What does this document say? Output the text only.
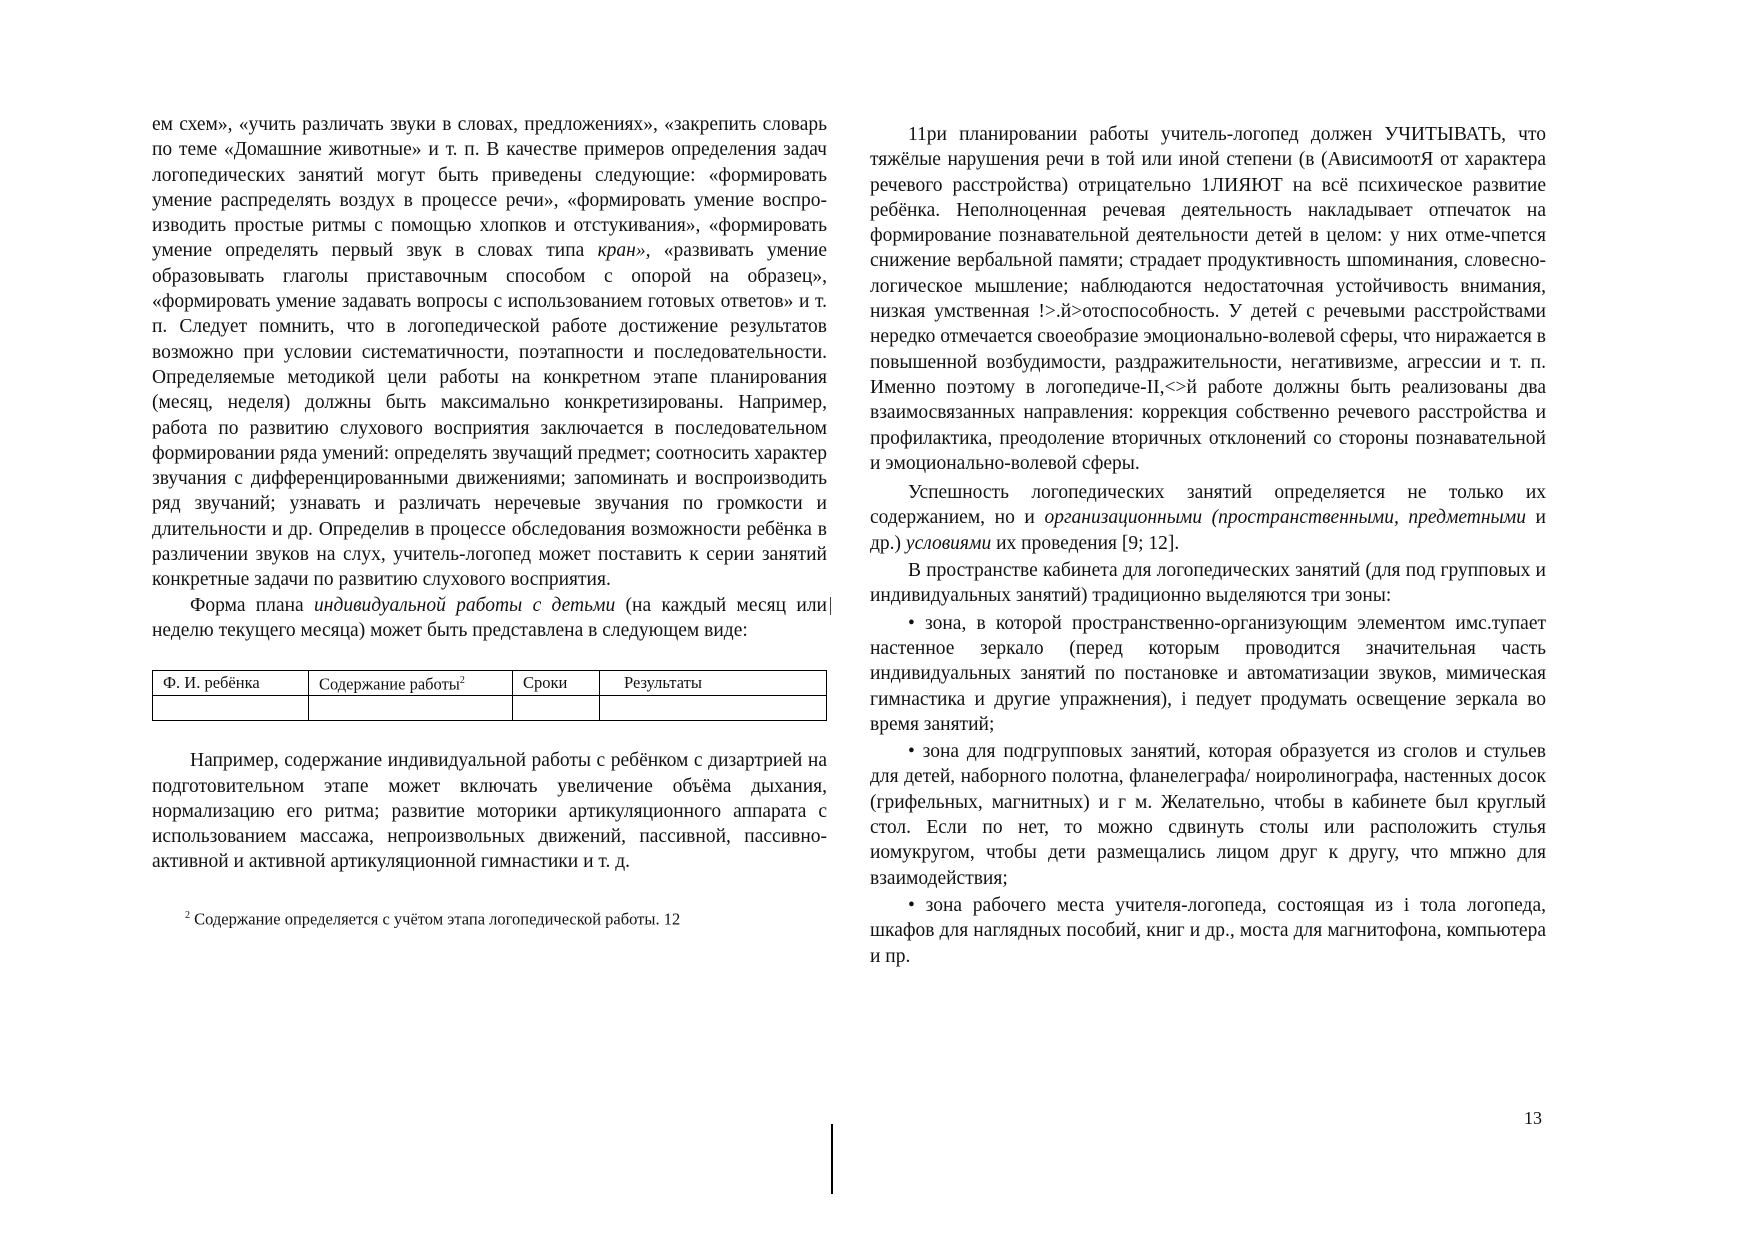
ем схем», «учить различать звуки в словах, предложениях», «закрепить словарь по теме «Домашние животные» и т. п. В качестве примеров определения задач логопедических занятий могут быть приведены следующие: «формировать умение распределять воздух в процессе речи», «формировать умение воспроизводить простые ритмы с помощью хлопков и отстукивания», «формировать умение определять первый звук в словах типа кран», «развивать умение образовывать глаголы приставочным способом с опорой на образец», «формировать умение задавать вопросы с использованием готовых ответов» и т. п. Следует помнить, что в логопедической работе достижение результатов возможно при условии систематичности, поэтапности и последовательности. Определяемые методикой цели работы на конкретном этапе планирования (месяц, неделя) должны быть максимально конкретизированы. Например, работа по развитию слухового восприятия заключается в последовательном формировании ряда умений: определять звучащий предмет; соотносить характер звучания с дифференцированными движениями; запоминать и воспроизводить ряд звучаний; узнавать и различать неречевые звучания по громкости и длительности и др. Определив в процессе обследования возможности ребёнка в различении звуков на слух, учитель-логопед может поставить к серии занятий конкретные задачи по развитию слухового восприятия.

Форма плана индивидуальной работы с детьми (на каждый месяц или неделю текущего месяца) может быть представлена в следующем виде:

Ф. И. ребёнка	Содержание работы$^2$	Сроки	Результаты

Например, содержание индивидуальной работы с ребёнком с дизартрией на подготовительном этапе может включать увеличение объёма дыхания, нормализацию его ритма; развитие моторики артикуляционного аппарата с использованием массажа, непроизвольных движений, пассивной, пассивно-активной и активной артикуляционной гимнастики и т. д.

$^2$ Содержание определяется с учётом этапа логопедической работы. 12

11ри планировании работы учитель-логопед должен УЧИТЫВАТЬ, что тяжёлые нарушения речи в той или иной степени (в (АвисимоотЯ от характера речевого расстройства) отрицательно 1ЛИЯЮТ на всё психическое развитие ребёнка. Неполноценная речевая деятельность накладывает отпечаток на формирование познавательной деятельности детей в целом: у них отме-чпется снижение вербальной памяти; страдает продуктивность шпоминания, словесно-логическое мышление; наблюдаются недостаточная устойчивость внимания, низкая умственная !>.й>отоспособность. У детей с речевыми расстройствами нередко отмечается своеобразие эмоционально-волевой сферы, что ниражается в повышенной возбудимости, раздражительности, негативизме, агрессии и т. п. Именно поэтому в логопедиче-II,<>й работе должны быть реализованы два взаимосвязанных направления: коррекция собственно речевого расстройства и профилактика, преодоление вторичных отклонений со стороны познавательной и эмоционально-волевой сферы.

Успешность логопедических занятий определяется не только их содержанием, но и организационными (пространственными, предметными и др.) условиями их проведения [9; 12].

В пространстве кабинета для логопедических занятий (для под групповых и индивидуальных занятий) традиционно выделяются три зоны:

• зона, в которой пространственно-организующим элементом имс.тупает настенное зеркало (перед которым проводится значительная часть индивидуальных занятий по постановке и автоматизации звуков, мимическая гимнастика и другие упражнения), i педует продумать освещение зеркала во время занятий;

• зона для подгрупповых занятий, которая образуется из сголов и стульев для детей, наборного полотна, фланелеграфа/ ноиролинографа, настенных досок (грифельных, магнитных) и г м. Желательно, чтобы в кабинете был круглый стол. Если по нет, то можно сдвинуть столы или расположить стулья иомукругом, чтобы дети размещались лицом друг к другу, что мпжно для взаимодействия;

• зона рабочего места учителя-логопеда, состоящая из і тола логопеда, шкафов для наглядных пособий, книг и др., моста для магнитофона, компьютера и пр.

13
